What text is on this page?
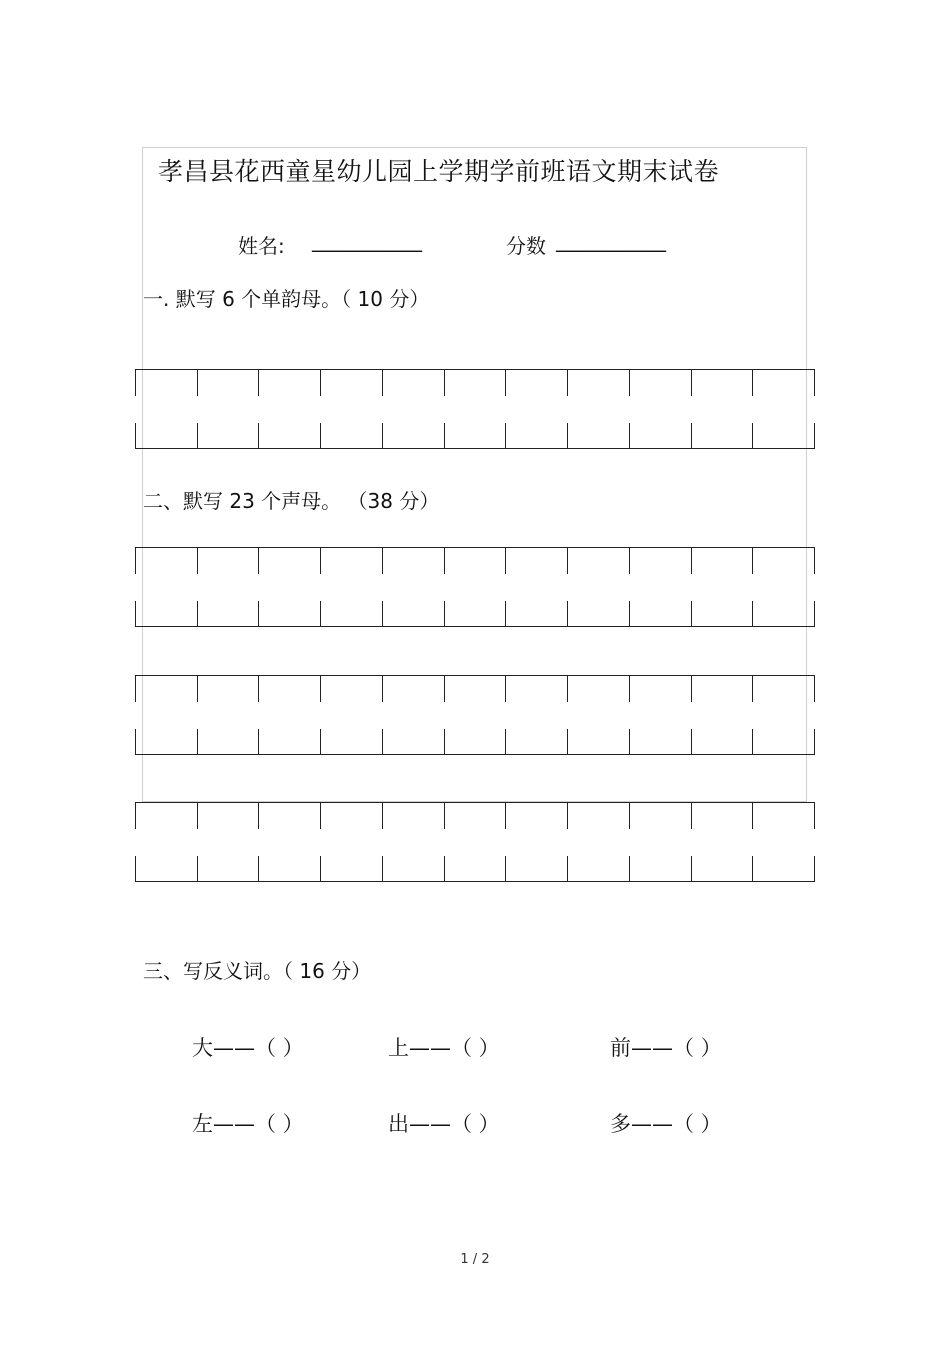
孝昌县花西童星幼儿园上学期学前班语文期末试卷
姓名: ___________	分数 ___________
一. 默写 6 个单韵母。（ 10 分）
二、默写 23 个声母。 （38 分）
三、写反义词。（ 16 分）
大——（ ）	上——（ ）	前——（ ）
左——（ ）	出——（ ）	多——（ ）
1 / 2
